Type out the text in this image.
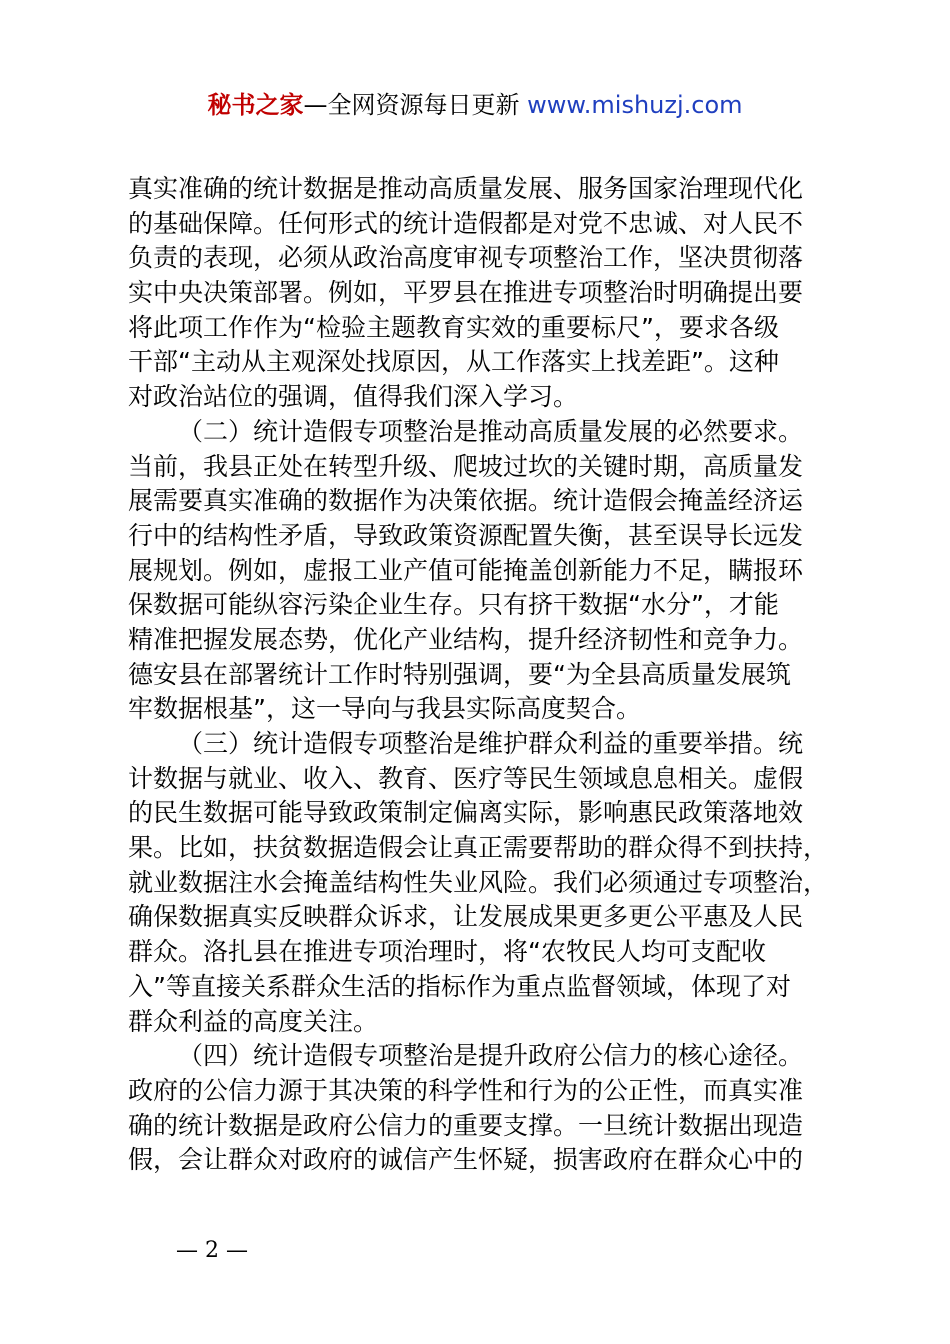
秘书之家—全网资源每日更新 www.mishuzj.com
真实准确的统计数据是推动高质量发展、服务国家治理现代化
的基础保障。任何形式的统计造假都是对党不忠诚、对人民不
负责的表现，必须从政治高度审视专项整治工作，坚决贯彻落
实中央决策部署。例如，平罗县在推进专项整治时明确提出要
将此项工作作为“检验主题教育实效的重要标尺”，要求各级
干部“主动从主观深处找原因，从工作落实上找差距”。这种
对政治站位的强调，值得我们深入学习。
（二）统计造假专项整治是推动高质量发展的必然要求。
当前，我县正处在转型升级、爬坡过坎的关键时期，高质量发
展需要真实准确的数据作为决策依据。统计造假会掩盖经济运
行中的结构性矛盾，导致政策资源配置失衡，甚至误导长远发
展规划。例如，虚报工业产值可能掩盖创新能力不足，瞒报环
保数据可能纵容污染企业生存。只有挤干数据“水分”，才能
精准把握发展态势，优化产业结构，提升经济韧性和竞争力。
德安县在部署统计工作时特别强调，要“为全县高质量发展筑
牢数据根基”，这一导向与我县实际高度契合。
（三）统计造假专项整治是维护群众利益的重要举措。统
计数据与就业、收入、教育、医疗等民生领域息息相关。虚假
的民生数据可能导致政策制定偏离实际，影响惠民政策落地效
果。比如，扶贫数据造假会让真正需要帮助的群众得不到扶持，
就业数据注水会掩盖结构性失业风险。我们必须通过专项整治，
确保数据真实反映群众诉求，让发展成果更多更公平惠及人民
群众。洛扎县在推进专项治理时，将“农牧民人均可支配收
入”等直接关系群众生活的指标作为重点监督领域，体现了对
群众利益的高度关注。
（四）统计造假专项整治是提升政府公信力的核心途径。
政府的公信力源于其决策的科学性和行为的公正性，而真实准
确的统计数据是政府公信力的重要支撑。一旦统计数据出现造
假，会让群众对政府的诚信产生怀疑，损害政府在群众心中的
— 2 —
